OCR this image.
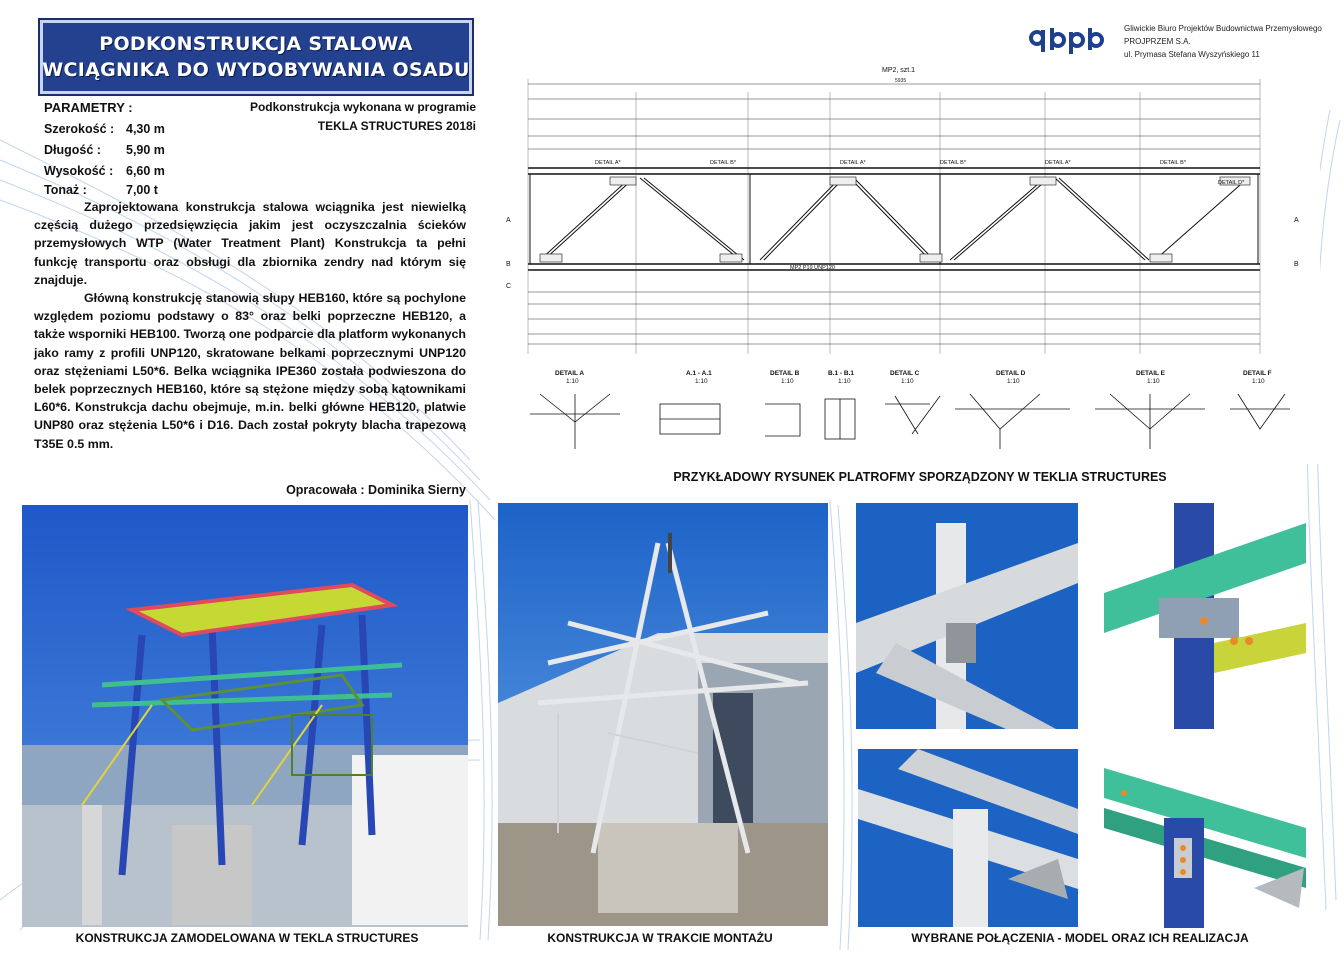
PODKONSTRUKCJA STALOWA
WCIĄGNIKA DO WYDOBYWANIA OSADU
PARAMETRY :
Szerokość : 4,30 m
Długość : 5,90 m
Wysokość : 6,60 m
Tonaż :	7,00 t
Podkonstrukcja wykonana w programie
TEKLA STRUCTURES 2018i

Zaprojektowana konstrukcja stalowa wciągnika jest niewielką częścią dużego przedsięwzięcia jakim jest oczyszczalnia ścieków przemysłowych WTP (Water Treatment Plant) Konstrukcja ta pełni funkcję transportu oraz obsługi dla zbiornika zendry nad którym się znajduje.

Główną konstrukcję stanowią słupy HEB160, które są pochylone względem poziomu podstawy o 83° oraz belki poprzeczne HEB120, a także wsporniki HEB100. Tworzą one podparcie dla platform wykonanych jako ramy z profili UNP120, skratowane belkami poprzecznymi UNP120 oraz stężeniami L50*6. Belka wciągnika IPE360 została podwieszona do belek poprzecznych HEB160, które są stężone między sobą kątownikami L60*6. Konstrukcja dachu obejmuje, m.in. belki główne HEB120, platwie UNP80 oraz stężenia L50*6 i D16. Dach został pokryty blacha trapezową T35E 0.5 mm.

Opracowała : Dominika Sierny
Gliwickie Biuro Projektów Budownictwa Przemysłowego
PROJPRZEM S.A.
ul. Prymasa Stefana Wyszyńskiego 11
MP2, szt.1
5935
DETAIL A*	DETAIL B*	DETAIL A*	DETAIL B*	DETAIL A*	DETAIL B*
DETAIL D*
MP2 P19 UNP120
A
B
C
A
B
DETAIL A
1:10
A.1 - A.1
1:10
DETAIL B
1:10
B.1 - B.1
1:10
DETAIL C
1:10
DETAIL D
1:10
DETAIL E
1:10
DETAIL F
1:10
PRZYKŁADOWY RYSUNEK PLATROFMY SPORZĄDZONY W TEKLIA STRUCTURES
KONSTRUKCJA ZAMODELOWANA W TEKLA STRUCTURES	KONSTRUKCJA W TRAKCIE MONTAŻU	WYBRANE POŁĄCZENIA - MODEL ORAZ ICH REALIZACJA
